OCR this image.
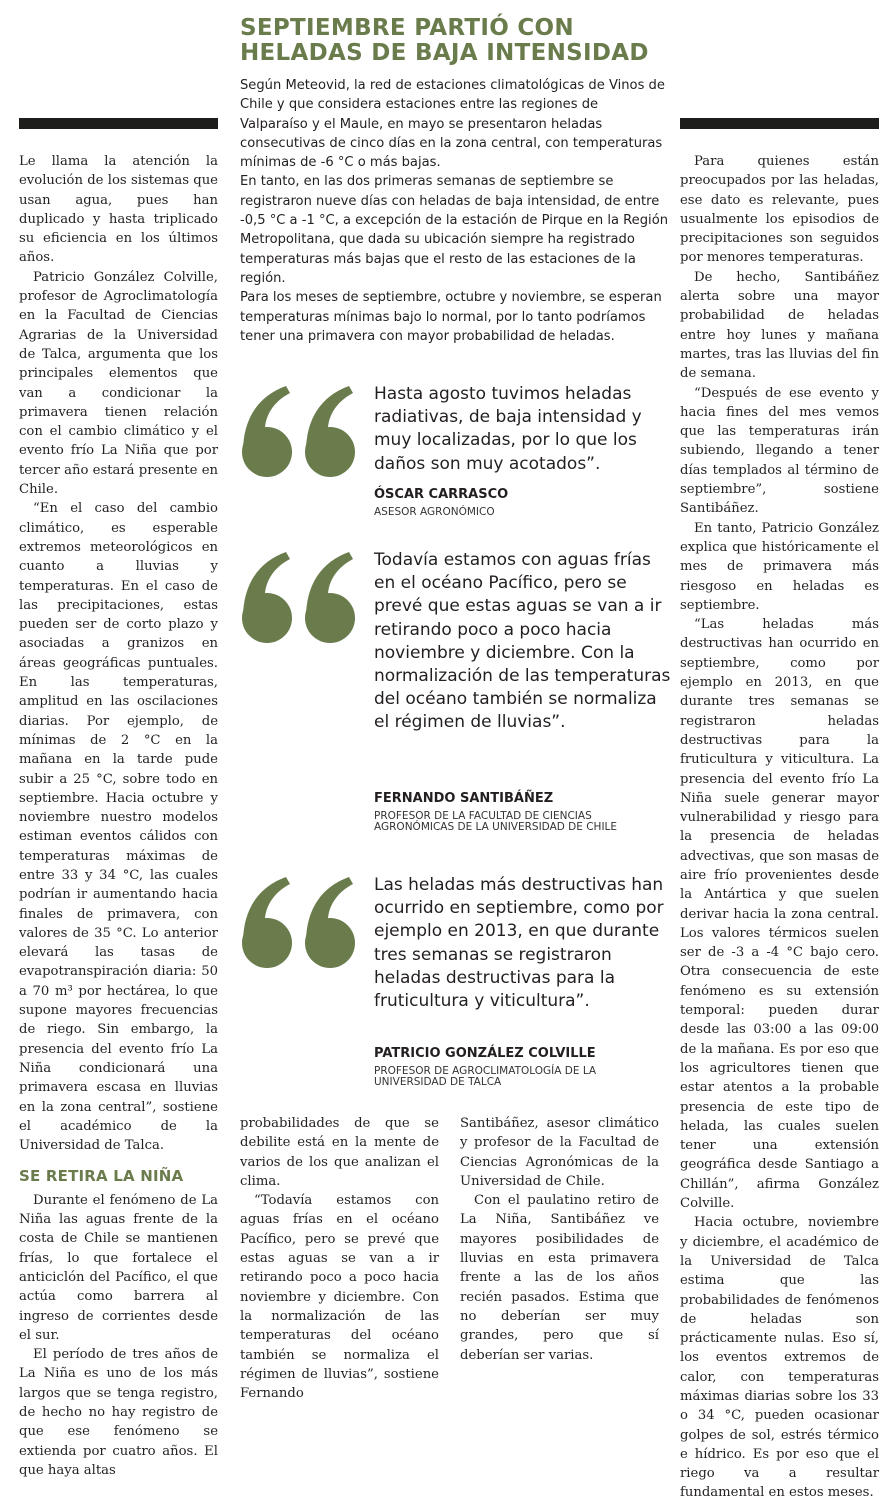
SEPTIEMBRE PARTIÓ CON
HELADAS DE BAJA INTENSIDAD

Según Meteovid, la red de estaciones climatológicas de Vinos de Chile y que considera estaciones entre las regiones de Valparaíso y el Maule, en mayo se presentaron heladas consecutivas de cinco días en la zona central, con temperaturas mínimas de -6 °C o más bajas.

En tanto, en las dos primeras semanas de septiembre se registraron nueve días con heladas de baja intensidad, de entre -0,5 °C a -1 °C, a excepción de la estación de Pirque en la Región Metropolitana, que dada su ubicación siempre ha registrado temperaturas más bajas que el resto de las estaciones de la región.

Para los meses de septiembre, octubre y noviembre, se esperan temperaturas mínimas bajo lo normal, por lo tanto podríamos tener una primavera con mayor probabilidad de heladas.

Hasta agosto tuvimos heladas radiativas, de baja intensidad y muy localizadas, por lo que los daños son muy acotados”.

ÓSCAR CARRASCO

ASESOR AGRONÓMICO

Todavía estamos con aguas frías en el océano Pacífico, pero se prevé que estas aguas se van a ir retirando poco a poco hacia noviembre y diciembre. Con la normalización de las temperaturas del océano también se normaliza el régimen de lluvias”.

FERNANDO SANTIBÁÑEZ

PROFESOR DE LA FACULTAD DE CIENCIAS AGRONÓMICAS DE LA UNIVERSIDAD DE CHILE

Las heladas más destructivas han ocurrido en septiembre, como por ejemplo en 2013, en que durante tres semanas se registraron heladas destructivas para la fruticultura y viticultura”.

PATRICIO GONZÁLEZ COLVILLE

PROFESOR DE AGROCLIMATOLOGÍA DE LA UNIVERSIDAD DE TALCA

Le llama la atención la evolución de los sistemas que usan agua, pues han duplicado y hasta triplicado su eficiencia en los últimos años.

Patricio González Colville, profesor de Agroclimatología en la Facultad de Ciencias Agrarias de la Universidad de Talca, argumenta que los principales elementos que van a condicionar la primavera tienen relación con el cambio climático y el evento frío La Niña que por tercer año estará presente en Chile.

“En el caso del cambio climático, es esperable extremos meteorológicos en cuanto a lluvias y temperaturas. En el caso de las precipitaciones, estas pueden ser de corto plazo y asociadas a granizos en áreas geográficas puntuales. En las temperaturas, amplitud en las oscilaciones diarias. Por ejemplo, de mínimas de 2 °C en la mañana en la tarde pude subir a 25 °C, sobre todo en septiembre. Hacia octubre y noviembre nuestro modelos estiman eventos cálidos con temperaturas máximas de entre 33 y 34 °C, las cuales podrían ir aumentando hacia finales de primavera, con valores de 35 °C. Lo anterior elevará las tasas de evapotranspiración diaria: 50 a 70 m³ por hectárea, lo que supone mayores frecuencias de riego. Sin embargo, la presencia del evento frío La Niña condicionará una primavera escasa en lluvias en la zona central”, sostiene el académico de la Universidad de Talca.

SE RETIRA LA NIÑA

Durante el fenómeno de La Niña las aguas frente de la costa de Chile se mantienen frías, lo que fortalece el anticiclón del Pacífico, el que actúa como barrera al ingreso de corrientes desde el sur.

El período de tres años de La Niña es uno de los más largos que se tenga registro, de hecho no hay registro de que ese fenómeno se extienda por cuatro años. El que haya altas

probabilidades de que se debilite está en la mente de varios de los que analizan el clima.

“Todavía estamos con aguas frías en el océano Pacífico, pero se prevé que estas aguas se van a ir retirando poco a poco hacia noviembre y diciembre. Con la normalización de las temperaturas del océano también se normaliza el régimen de lluvias”, sostiene Fernando

Santibáñez, asesor climático y profesor de la Facultad de Ciencias Agronómicas de la Universidad de Chile.

Con el paulatino retiro de La Niña, Santibáñez ve mayores posibilidades de lluvias en esta primavera frente a las de los años recién pasados. Estima que no deberían ser muy grandes, pero que sí deberían ser varias.

Para quienes están preocupados por las heladas, ese dato es relevante, pues usualmente los episodios de precipitaciones son seguidos por menores temperaturas.

De hecho, Santibáñez alerta sobre una mayor probabilidad de heladas entre hoy lunes y mañana martes, tras las lluvias del fin de semana.

“Después de ese evento y hacia fines del mes vemos que las temperaturas irán subiendo, llegando a tener días templados al término de septiembre”, sostiene Santibáñez.

En tanto, Patricio González explica que históricamente el mes de primavera más riesgoso en heladas es septiembre.

“Las heladas más destructivas han ocurrido en septiembre, como por ejemplo en 2013, en que durante tres semanas se registraron heladas destructivas para la fruticultura y viticultura. La presencia del evento frío La Niña suele generar mayor vulnerabilidad y riesgo para la presencia de heladas advectivas, que son masas de aire frío provenientes desde la Antártica y que suelen derivar hacia la zona central. Los valores térmicos suelen ser de -3 a -4 °C bajo cero. Otra consecuencia de este fenómeno es su extensión temporal: pueden durar desde las 03:00 a las 09:00 de la mañana. Es por eso que los agricultores tienen que estar atentos a la probable presencia de este tipo de helada, las cuales suelen tener una extensión geográfica desde Santiago a Chillán”, afirma González Colville.

Hacia octubre, noviembre y diciembre, el académico de la Universidad de Talca estima que las probabilidades de fenómenos de heladas son prácticamente nulas. Eso sí, los eventos extremos de calor, con temperaturas máximas diarias sobre los 33 o 34 °C, pueden ocasionar golpes de sol, estrés térmico e hídrico. Es por eso que el riego va a resultar fundamental en estos meses.
